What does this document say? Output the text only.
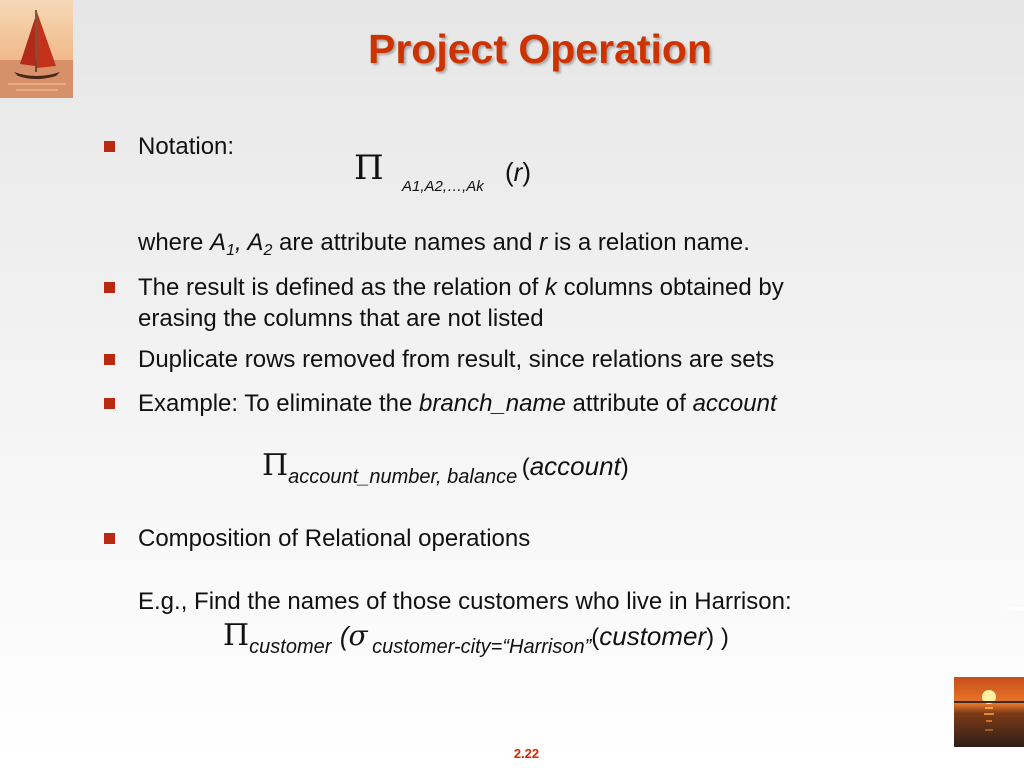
Project Operation
Notation:
Π A1,A2,…,Ak (r)
where $A_1$, $A_2$ are attribute names and r is a relation name.
The result is defined as the relation of k columns obtained by
erasing the columns that are not listed
Duplicate rows removed from result, since relations are sets
Example: To eliminate the branch_name attribute of account
Πaccount_number, balance (account)
Composition of Relational operations
E.g., Find the names of those customers who live in Harrison:
Πcustomer (σ customer-city=“Harrison”(customer) )
2.22
